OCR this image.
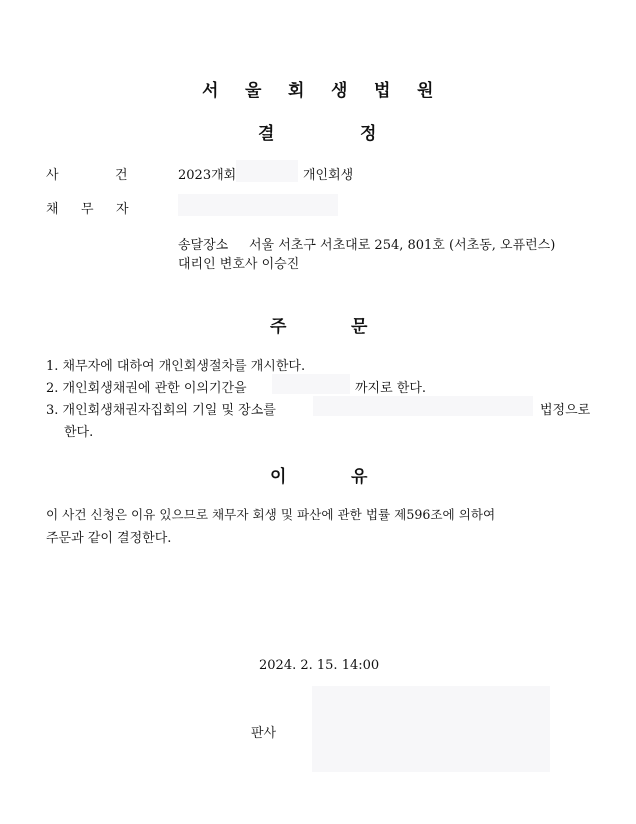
서 울 회 생 법 원
결	정
사	건	2023개회	개인회생
채 무 자
송달장소 서울 서초구 서초대로 254, 801호 (서초동, 오퓨런스)
대리인 변호사 이승진
주	문
1. 채무자에 대하여 개인회생절차를 개시한다.
2. 개인회생채권에 관한 이의기간을	까지로 한다.
3. 개인회생채권자집회의 기일 및 장소를	법정으로
한다.
이	유
이 사건 신청은 이유 있으므로 채무자 회생 및 파산에 관한 법률 제596조에 의하여
주문과 같이 결정한다.
2024. 2. 15. 14:00
판사
